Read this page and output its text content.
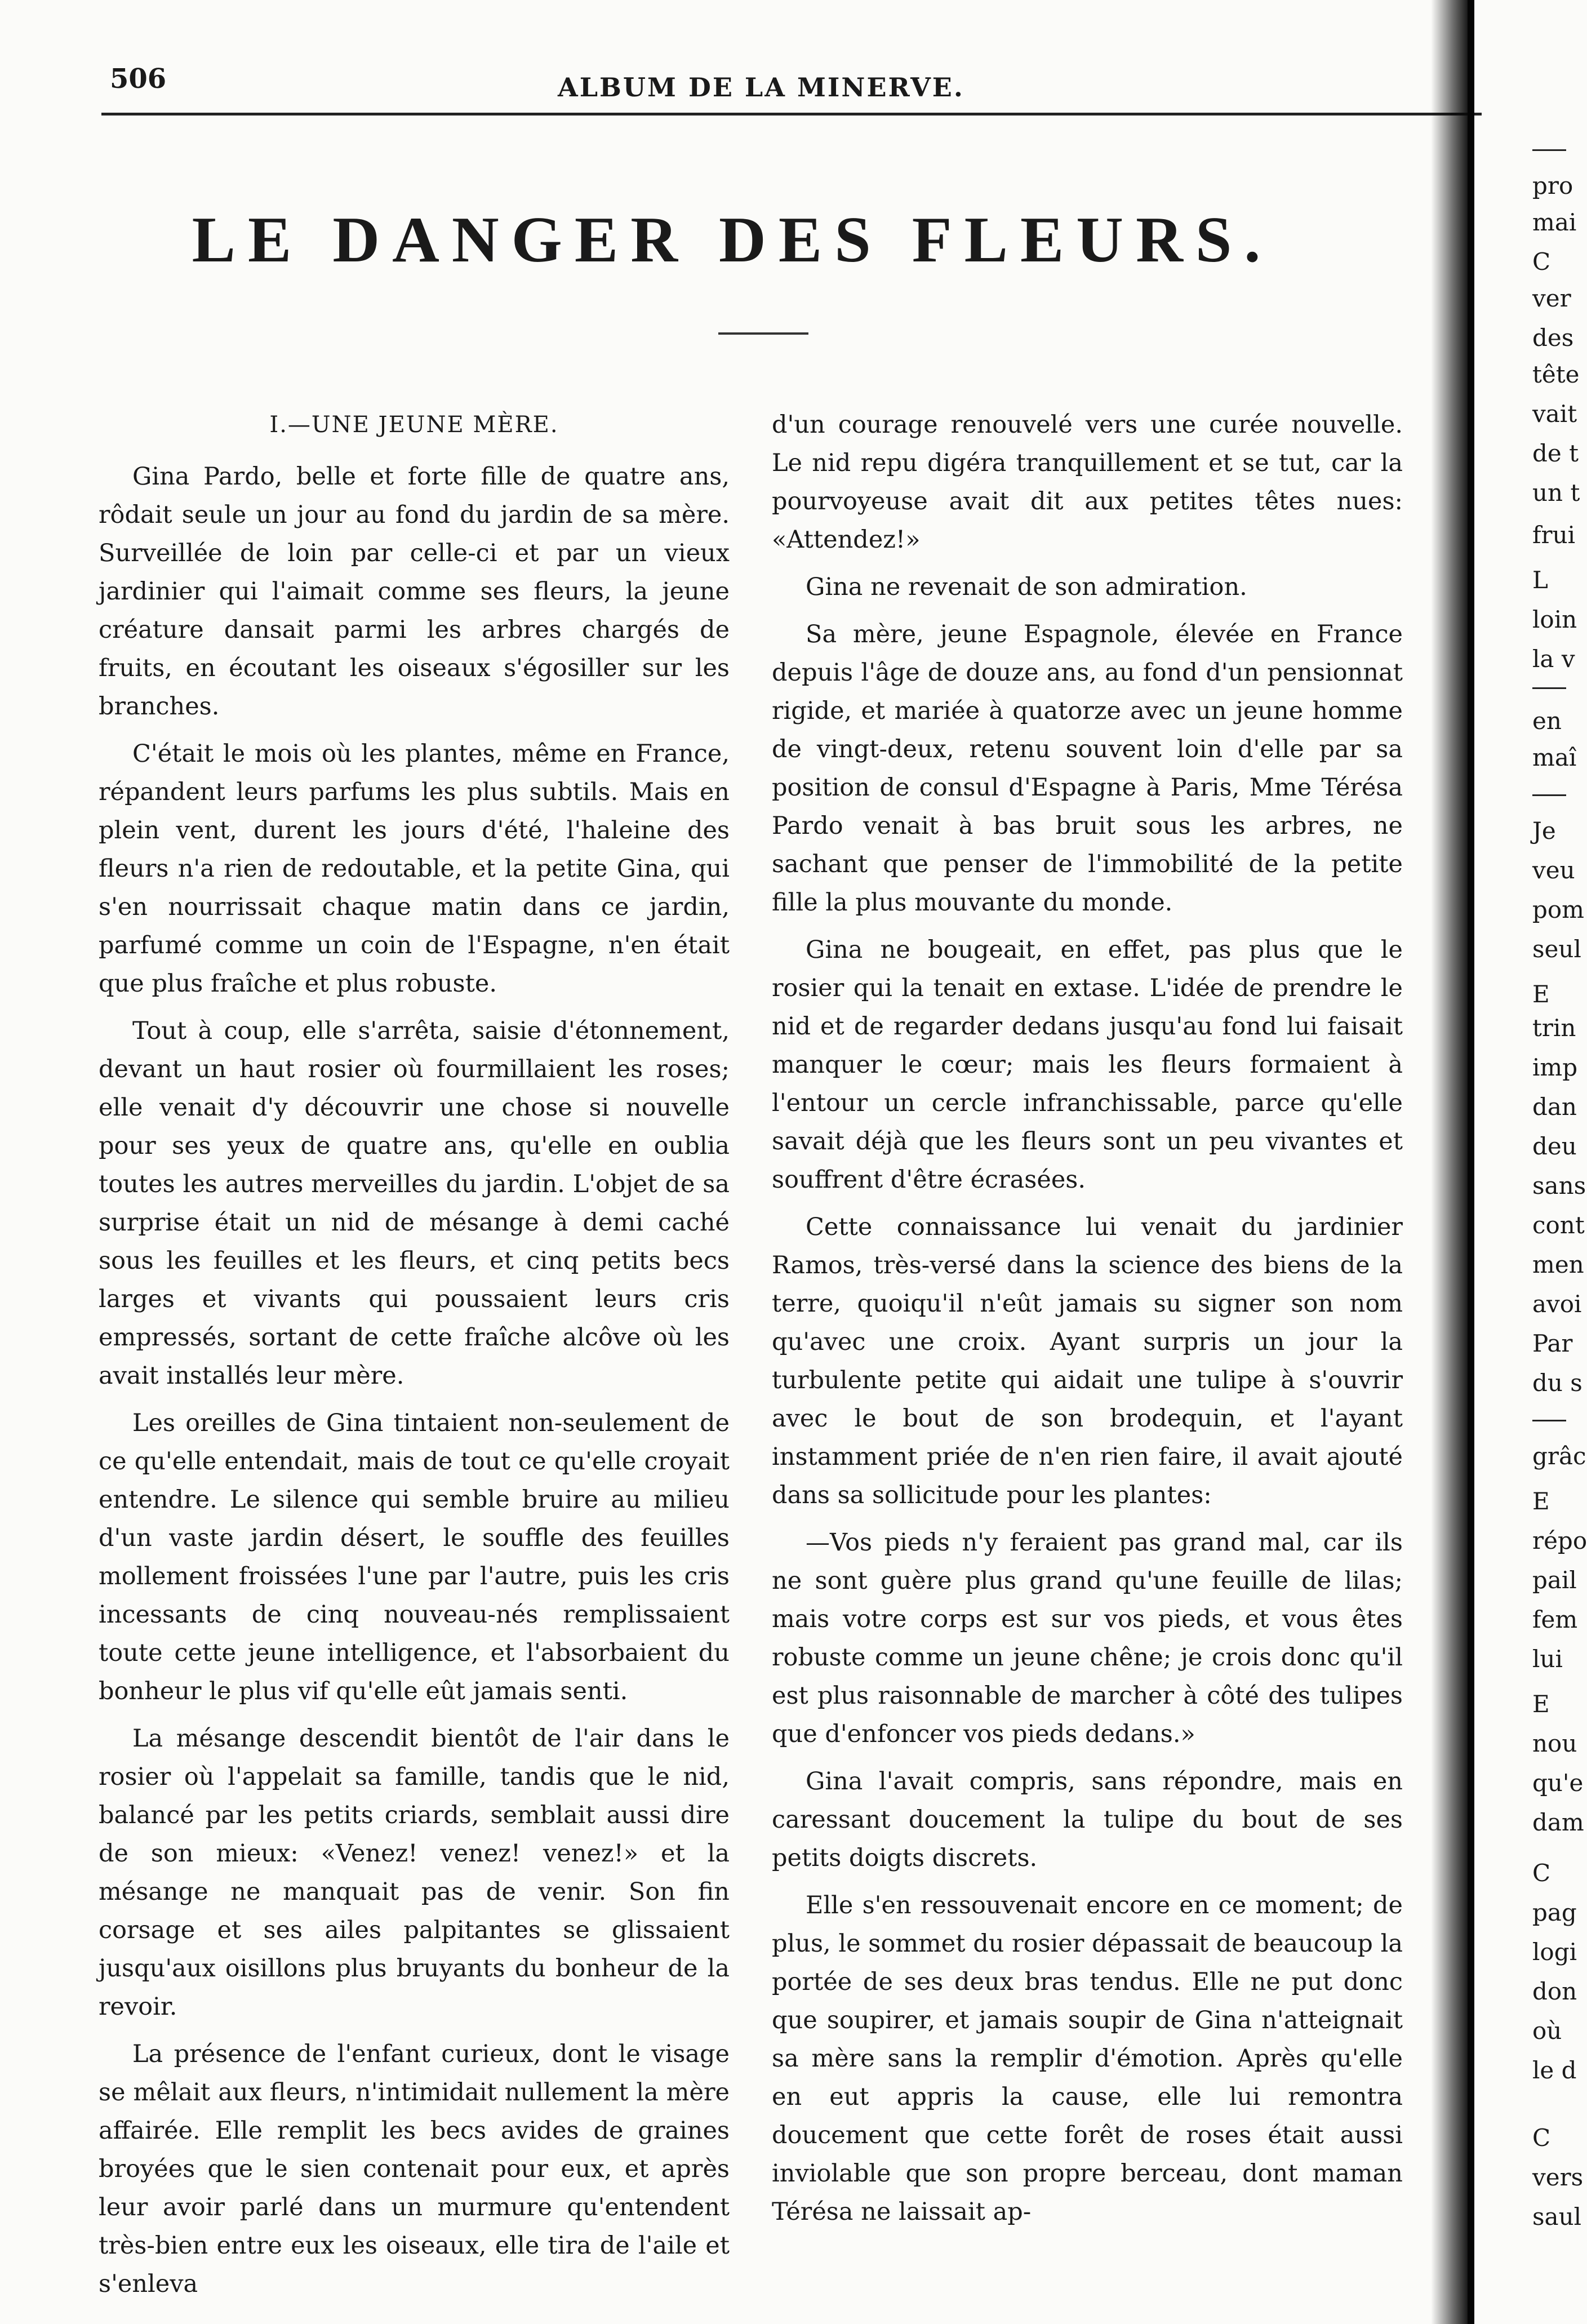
506	ALBUM DE LA MINERVE.
LE DANGER DES FLEURS.

I.—UNE JEUNE MÈRE.

Gina Pardo, belle et forte fille de quatre ans, rôdait seule un jour au fond du jardin de sa mère. Surveillée de loin par celle-ci et par un vieux jardinier qui l'aimait comme ses fleurs, la jeune créature dansait parmi les arbres chargés de fruits, en écoutant les oiseaux s'égosiller sur les branches.

C'était le mois où les plantes, même en France, répandent leurs parfums les plus subtils. Mais en plein vent, durent les jours d'été, l'haleine des fleurs n'a rien de redoutable, et la petite Gina, qui s'en nourrissait chaque matin dans ce jardin, parfumé comme un coin de l'Espagne, n'en était que plus fraîche et plus robuste.

Tout à coup, elle s'arrêta, saisie d'étonnement, devant un haut rosier où fourmillaient les roses; elle venait d'y découvrir une chose si nouvelle pour ses yeux de quatre ans, qu'elle en oublia toutes les autres merveilles du jardin. L'objet de sa surprise était un nid de mésange à demi caché sous les feuilles et les fleurs, et cinq petits becs larges et vivants qui poussaient leurs cris empressés, sortant de cette fraîche alcôve où les avait installés leur mère.

Les oreilles de Gina tintaient non-seulement de ce qu'elle entendait, mais de tout ce qu'elle croyait entendre. Le silence qui semble bruire au milieu d'un vaste jardin désert, le souffle des feuilles mollement froissées l'une par l'autre, puis les cris incessants de cinq nouveau-nés remplissaient toute cette jeune intelligence, et l'absorbaient du bonheur le plus vif qu'elle eût jamais senti.

La mésange descendit bientôt de l'air dans le rosier où l'appelait sa famille, tandis que le nid, balancé par les petits criards, semblait aussi dire de son mieux: «Venez! venez! venez!» et la mésange ne manquait pas de venir. Son fin corsage et ses ailes palpitantes se glissaient jusqu'aux oisillons plus bruyants du bonheur de la revoir.

La présence de l'enfant curieux, dont le visage se mêlait aux fleurs, n'intimidait nullement la mère affairée. Elle remplit les becs avides de graines broyées que le sien contenait pour eux, et après leur avoir parlé dans un murmure qu'entendent très-bien entre eux les oiseaux, elle tira de l'aile et s'enleva

d'un courage renouvelé vers une curée nouvelle. Le nid repu digéra tranquillement et se tut, car la pourvoyeuse avait dit aux petites têtes nues: «Attendez!»

Gina ne revenait de son admiration.

Sa mère, jeune Espagnole, élevée en France depuis l'âge de douze ans, au fond d'un pensionnat rigide, et mariée à quatorze avec un jeune homme de vingt-deux, retenu souvent loin d'elle par sa position de consul d'Espagne à Paris, Mme Térésa Pardo venait à bas bruit sous les arbres, ne sachant que penser de l'immobilité de la petite fille la plus mouvante du monde.

Gina ne bougeait, en effet, pas plus que le rosier qui la tenait en extase. L'idée de prendre le nid et de regarder dedans jusqu'au fond lui faisait manquer le cœur; mais les fleurs formaient à l'entour un cercle infranchissable, parce qu'elle savait déjà que les fleurs sont un peu vivantes et souffrent d'être écrasées.

Cette connaissance lui venait du jardinier Ramos, très-versé dans la science des biens de la terre, quoiqu'il n'eût jamais su signer son nom qu'avec une croix. Ayant surpris un jour la turbulente petite qui aidait une tulipe à s'ouvrir avec le bout de son brodequin, et l'ayant instamment priée de n'en rien faire, il avait ajouté dans sa sollicitude pour les plantes:

—Vos pieds n'y feraient pas grand mal, car ils ne sont guère plus grand qu'une feuille de lilas; mais votre corps est sur vos pieds, et vous êtes robuste comme un jeune chêne; je crois donc qu'il est plus raisonnable de marcher à côté des tulipes que d'enfoncer vos pieds dedans.»

Gina l'avait compris, sans répondre, mais en caressant doucement la tulipe du bout de ses petits doigts discrets.

Elle s'en ressouvenait encore en ce moment; de plus, le sommet du rosier dépassait de beaucoup la portée de ses deux bras tendus. Elle ne put donc que soupirer, et jamais soupir de Gina n'atteignait sa mère sans la remplir d'émotion. Après qu'elle en eut appris la cause, elle lui remontra doucement que cette forêt de roses était aussi inviolable que son propre berceau, dont maman Térésa ne laissait ap-

pro
mai
C
ver
des
tête
vait
de t
un t
frui
L
loin
la v
en
maî
Je
veu
pom
seul
E
trin
imp
dan
deu
sans
cont
men
avoi
Par
du s
grâc
E
répo
pail
fem
lui
E
nou
qu'e
dam
C
pag
logi
don
où
le d
C
vers
saul
